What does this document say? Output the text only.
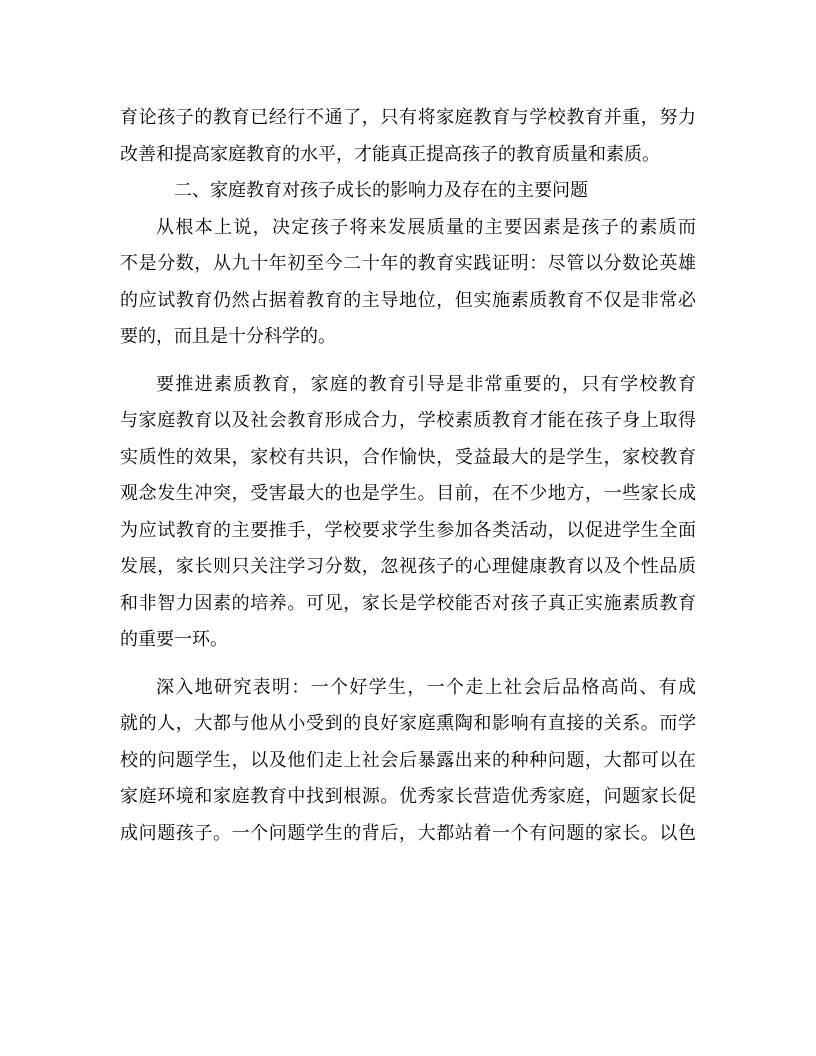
育论孩子的教育已经行不通了，只有将家庭教育与学校教育并重，努力
改善和提高家庭教育的水平，才能真正提高孩子的教育质量和素质。
二、家庭教育对孩子成长的影响力及存在的主要问题
从根本上说，决定孩子将来发展质量的主要因素是孩子的素质而
不是分数，从九十年初至今二十年的教育实践证明：尽管以分数论英雄
的应试教育仍然占据着教育的主导地位，但实施素质教育不仅是非常必
要的，而且是十分科学的。
要推进素质教育，家庭的教育引导是非常重要的，只有学校教育
与家庭教育以及社会教育形成合力，学校素质教育才能在孩子身上取得
实质性的效果，家校有共识，合作愉快，受益最大的是学生，家校教育
观念发生冲突，受害最大的也是学生。目前，在不少地方，一些家长成
为应试教育的主要推手，学校要求学生参加各类活动，以促进学生全面
发展，家长则只关注学习分数，忽视孩子的心理健康教育以及个性品质
和非智力因素的培养。可见，家长是学校能否对孩子真正实施素质教育
的重要一环。
深入地研究表明：一个好学生，一个走上社会后品格高尚、有成
就的人，大都与他从小受到的良好家庭熏陶和影响有直接的关系。而学
校的问题学生，以及他们走上社会后暴露出来的种种问题，大都可以在
家庭环境和家庭教育中找到根源。优秀家长营造优秀家庭，问题家长促
成问题孩子。一个问题学生的背后，大都站着一个有问题的家长。以色
